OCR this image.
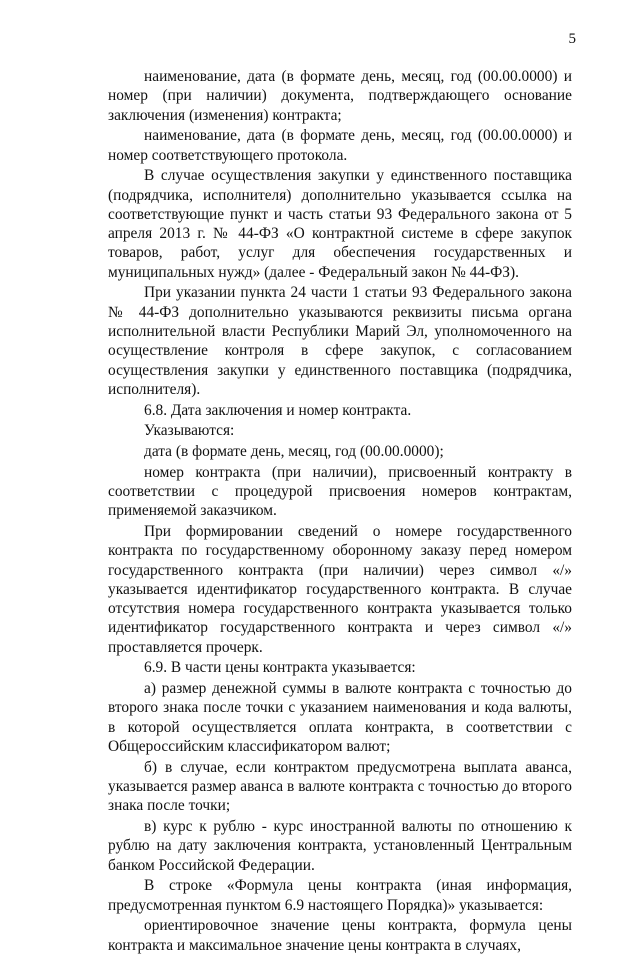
5

наименование, дата (в формате день, месяц, год (00.00.0000) и номер (при наличии) документа, подтверждающего основание заключения (изменения) контракта;

наименование, дата (в формате день, месяц, год (00.00.0000) и номер соответствующего протокола.

В случае осуществления закупки у единственного поставщика (подрядчика, исполнителя) дополнительно указывается ссылка на соответствующие пункт и часть статьи 93 Федерального закона от 5 апреля 2013 г. № 44-ФЗ «О контрактной системе в сфере закупок товаров, работ, услуг для обеспечения государственных и муниципальных нужд» (далее - Федеральный закон № 44-ФЗ).

При указании пункта 24 части 1 статьи 93 Федерального закона № 44-ФЗ дополнительно указываются реквизиты письма органа исполнительной власти Республики Марий Эл, уполномоченного на осуществление контроля в сфере закупок, с согласованием осуществления закупки у единственного поставщика (подрядчика, исполнителя).

6.8. Дата заключения и номер контракта.

Указываются:

дата (в формате день, месяц, год (00.00.0000);

номер контракта (при наличии), присвоенный контракту в соответствии с процедурой присвоения номеров контрактам, применяемой заказчиком.

При формировании сведений о номере государственного контракта по государственному оборонному заказу перед номером государственного контракта (при наличии) через символ «/» указывается идентификатор государственного контракта. В случае отсутствия номера государственного контракта указывается только идентификатор государственного контракта и через символ «/» проставляется прочерк.

6.9. В части цены контракта указывается:

а) размер денежной суммы в валюте контракта с точностью до второго знака после точки с указанием наименования и кода валюты, в которой осуществляется оплата контракта, в соответствии с Общероссийским классификатором валют;

б) в случае, если контрактом предусмотрена выплата аванса, указывается размер аванса в валюте контракта с точностью до второго знака после точки;

в) курс к рублю - курс иностранной валюты по отношению к рублю на дату заключения контракта, установленный Центральным банком Российской Федерации.

В строке «Формула цены контракта (иная информация, предусмотренная пунктом 6.9 настоящего Порядка)» указывается:

ориентировочное значение цены контракта, формула цены контракта и максимальное значение цены контракта в случаях,
